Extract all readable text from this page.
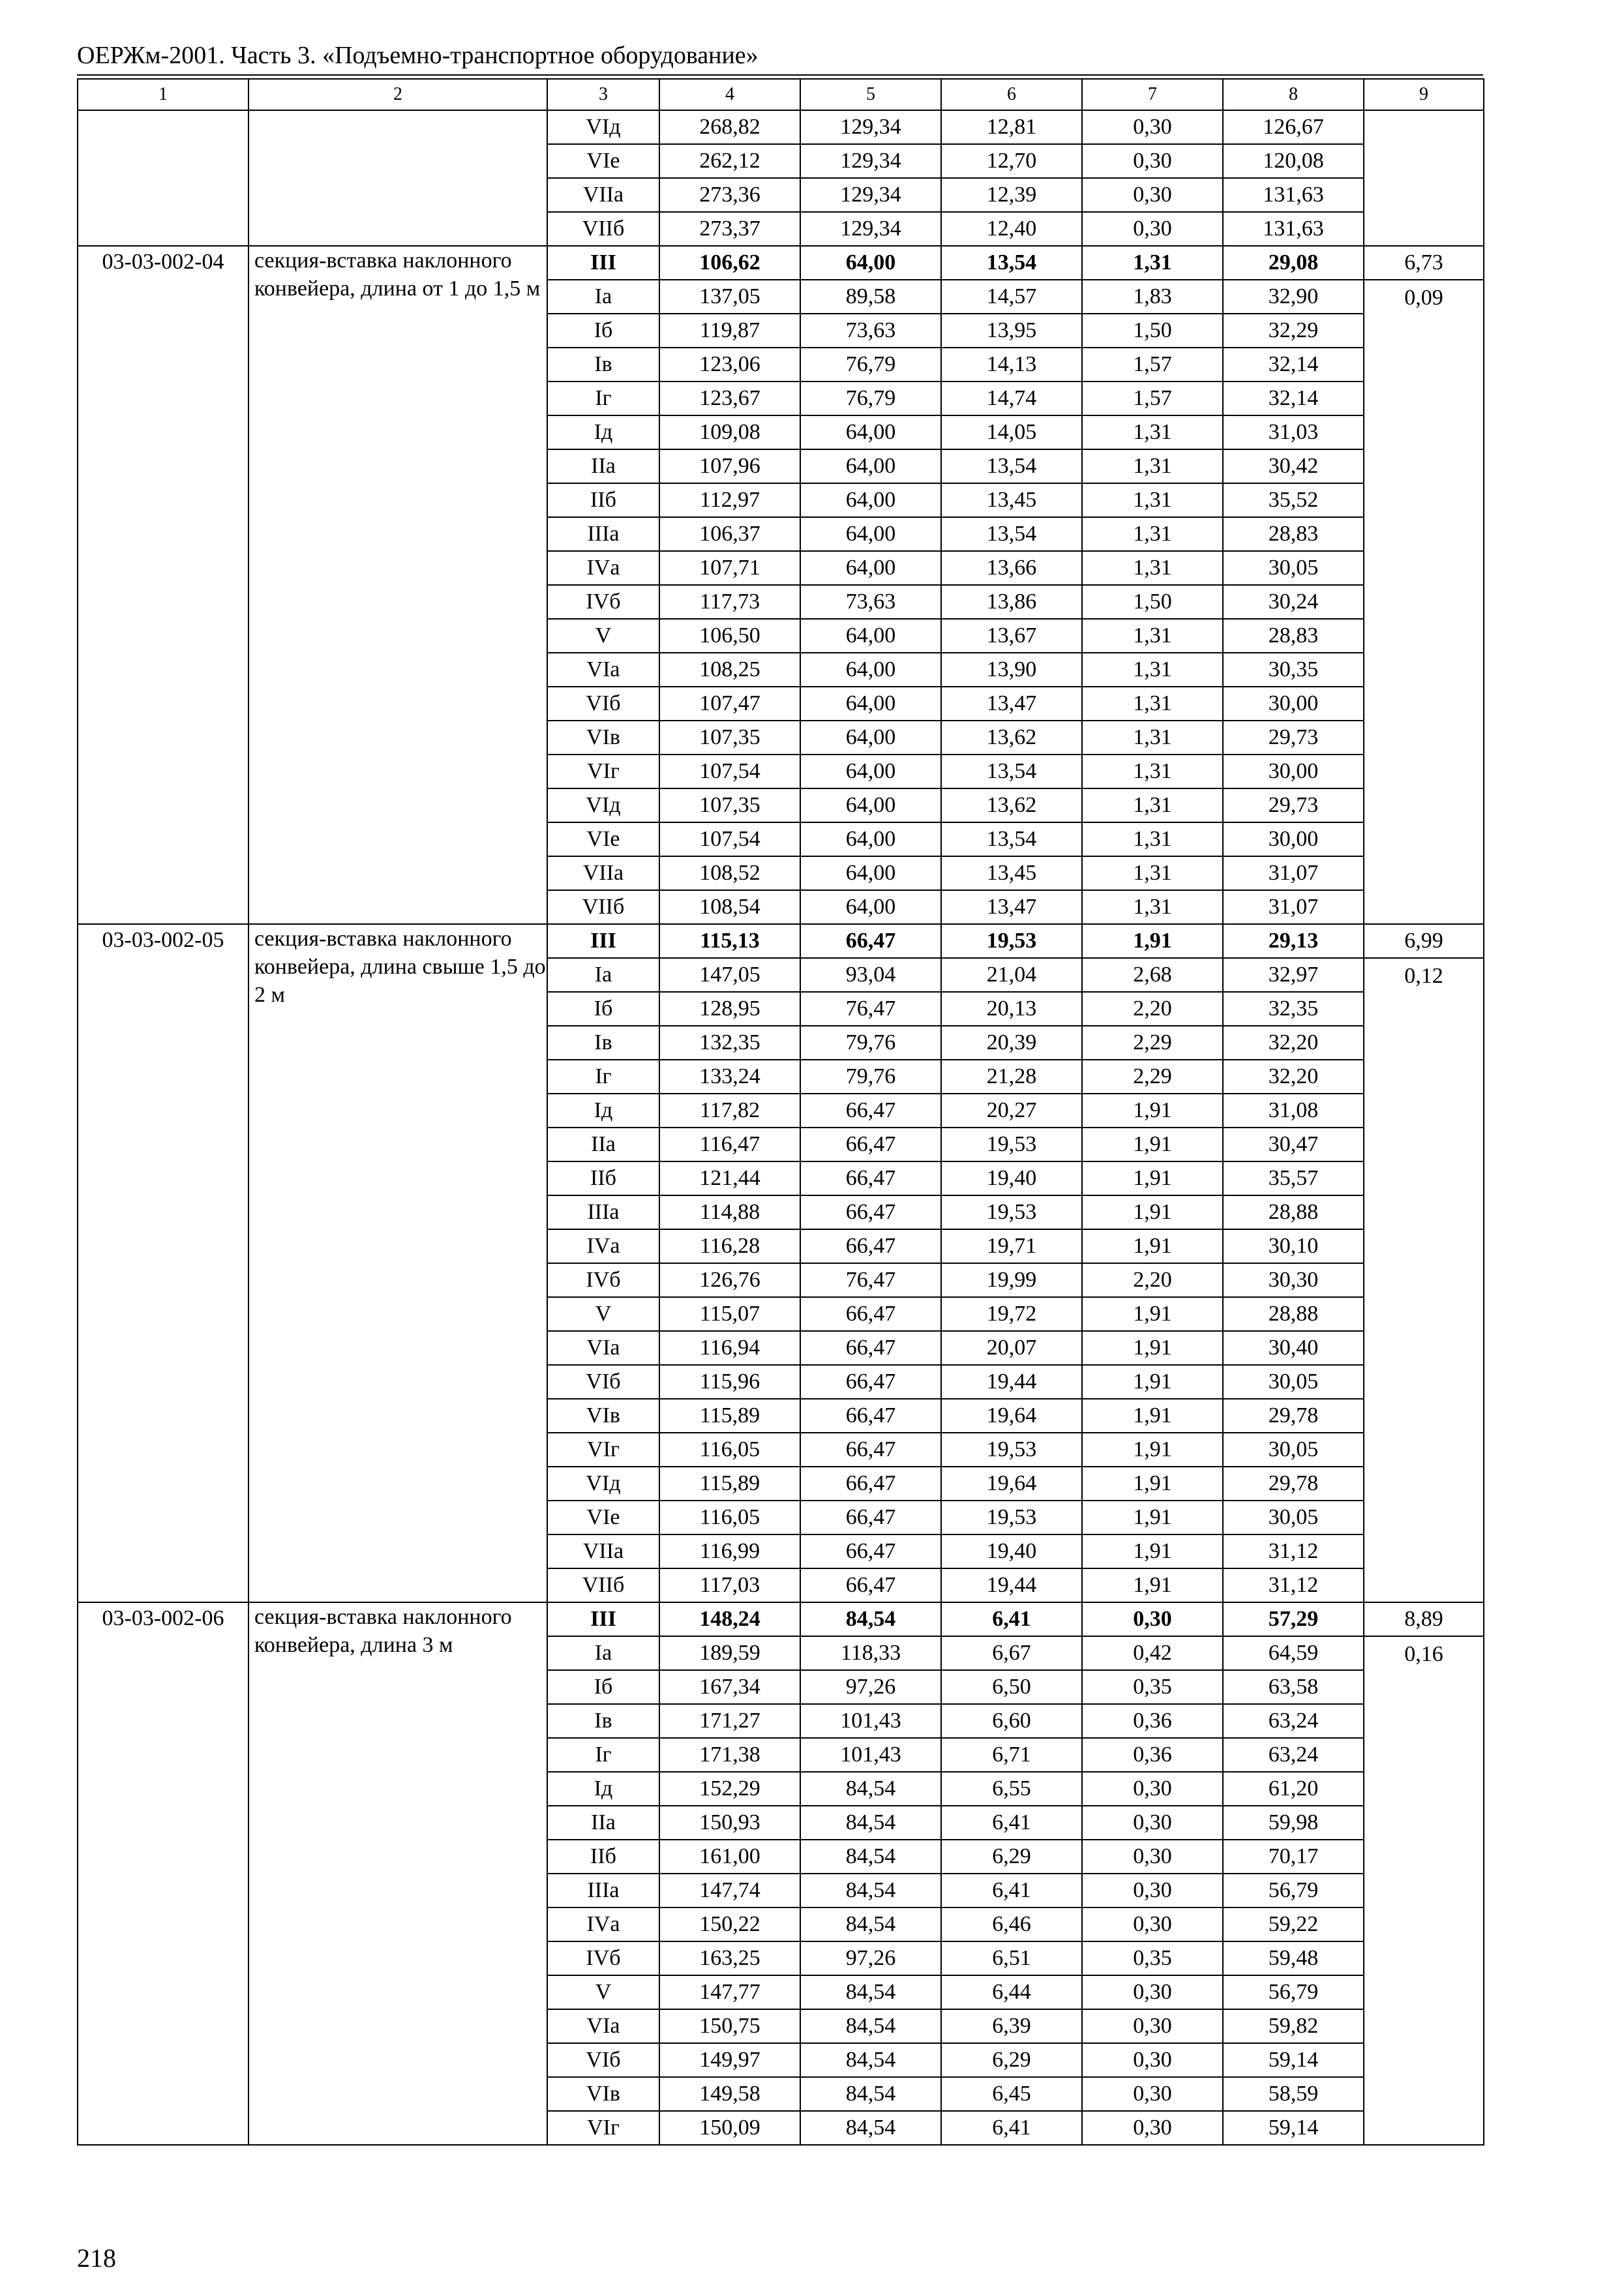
ОЕРЖм-2001. Часть 3. «Подъемно-транспортное оборудование»
1	2	3	4	5	6	7	8	9
		VIд	268,82	129,34	12,81	0,30	126,67	
		VIе	262,12	129,34	12,70	0,30	120,08	
		VIIа	273,36	129,34	12,39	0,30	131,63	
		VIIб	273,37	129,34	12,40	0,30	131,63	
03-03-002-04	секция-вставка наклонного конвейера, длина от 1 до 1,5 м	III	106,62	64,00	13,54	1,31	29,08	6,73
		Iа	137,05	89,58	14,57	1,83	32,90	0,09
		Iб	119,87	73,63	13,95	1,50	32,29	
		Iв	123,06	76,79	14,13	1,57	32,14	
		Iг	123,67	76,79	14,74	1,57	32,14	
		Iд	109,08	64,00	14,05	1,31	31,03	
		IIа	107,96	64,00	13,54	1,31	30,42	
		IIб	112,97	64,00	13,45	1,31	35,52	
		IIIа	106,37	64,00	13,54	1,31	28,83	
		IVа	107,71	64,00	13,66	1,31	30,05	
		IVб	117,73	73,63	13,86	1,50	30,24	
		V	106,50	64,00	13,67	1,31	28,83	
		VIа	108,25	64,00	13,90	1,31	30,35	
		VIб	107,47	64,00	13,47	1,31	30,00	
		VIв	107,35	64,00	13,62	1,31	29,73	
		VIг	107,54	64,00	13,54	1,31	30,00	
		VIд	107,35	64,00	13,62	1,31	29,73	
		VIе	107,54	64,00	13,54	1,31	30,00	
		VIIа	108,52	64,00	13,45	1,31	31,07	
		VIIб	108,54	64,00	13,47	1,31	31,07	
03-03-002-05	секция-вставка наклонного конвейера, длина свыше 1,5 до 2 м	III	115,13	66,47	19,53	1,91	29,13	6,99
		Iа	147,05	93,04	21,04	2,68	32,97	0,12
		Iб	128,95	76,47	20,13	2,20	32,35	
		Iв	132,35	79,76	20,39	2,29	32,20	
		Iг	133,24	79,76	21,28	2,29	32,20	
		Iд	117,82	66,47	20,27	1,91	31,08	
		IIа	116,47	66,47	19,53	1,91	30,47	
		IIб	121,44	66,47	19,40	1,91	35,57	
		IIIа	114,88	66,47	19,53	1,91	28,88	
		IVа	116,28	66,47	19,71	1,91	30,10	
		IVб	126,76	76,47	19,99	2,20	30,30	
		V	115,07	66,47	19,72	1,91	28,88	
		VIа	116,94	66,47	20,07	1,91	30,40	
		VIб	115,96	66,47	19,44	1,91	30,05	
		VIв	115,89	66,47	19,64	1,91	29,78	
		VIг	116,05	66,47	19,53	1,91	30,05	
		VIд	115,89	66,47	19,64	1,91	29,78	
		VIе	116,05	66,47	19,53	1,91	30,05	
		VIIа	116,99	66,47	19,40	1,91	31,12	
		VIIб	117,03	66,47	19,44	1,91	31,12	
03-03-002-06	секция-вставка наклонного конвейера, длина 3 м	III	148,24	84,54	6,41	0,30	57,29	8,89
		Iа	189,59	118,33	6,67	0,42	64,59	0,16
		Iб	167,34	97,26	6,50	0,35	63,58	
		Iв	171,27	101,43	6,60	0,36	63,24	
		Iг	171,38	101,43	6,71	0,36	63,24	
		Iд	152,29	84,54	6,55	0,30	61,20	
		IIа	150,93	84,54	6,41	0,30	59,98	
		IIб	161,00	84,54	6,29	0,30	70,17	
		IIIа	147,74	84,54	6,41	0,30	56,79	
		IVа	150,22	84,54	6,46	0,30	59,22	
		IVб	163,25	97,26	6,51	0,35	59,48	
		V	147,77	84,54	6,44	0,30	56,79	
		VIа	150,75	84,54	6,39	0,30	59,82	
		VIб	149,97	84,54	6,29	0,30	59,14	
		VIв	149,58	84,54	6,45	0,30	58,59	
		VIг	150,09	84,54	6,41	0,30	59,14	
218
